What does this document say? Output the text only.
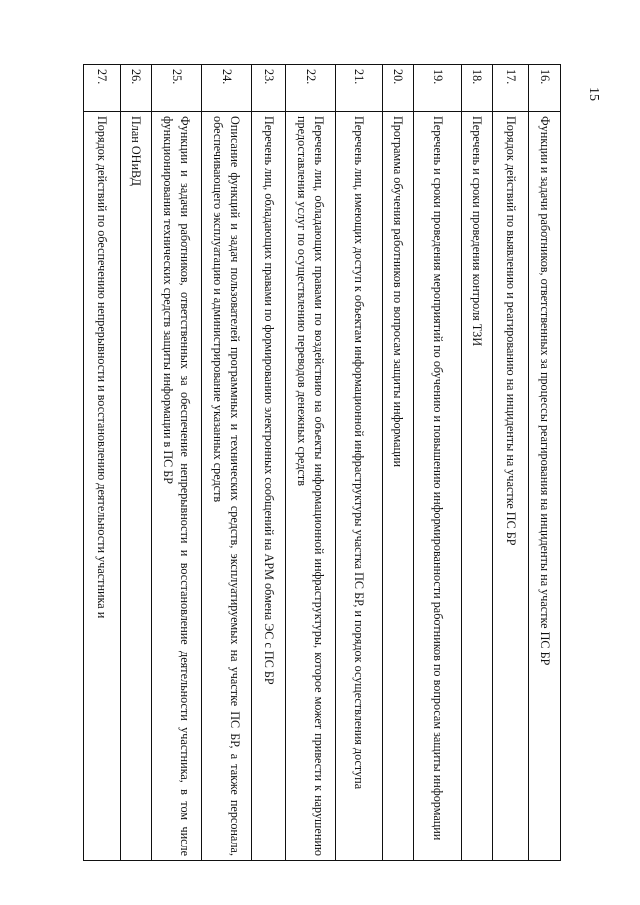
15
16.	Функции и задачи работников, ответственных за процессы реагирования на инциденты на участке ПС БР
17.	Порядок действий по выявлению и реагированию на инциденты на участке ПС БР
18.	Перечень и сроки проведения контроля ТЗИ
19.	Перечень и сроки проведения мероприятий по обучению и повышению информированности работников по вопросам защиты информации
20.	Программа обучения работников по вопросам защиты информации
21.	Перечень лиц, имеющих доступ к объектам информационной инфраструктуры участка ПС БР, и порядок осуществления доступа
22.	Перечень лиц, обладающих правами по воздействию на объекты информационной инфраструктуры, которое может привести к нарушению предоставления услуг по осуществлению переводов денежных средств
23.	Перечень лиц, обладающих правами по формированию электронных сообщений на АРМ обмена ЭС с ПС БР
24.	Описание функций и задач пользователей программных и технических средств, эксплуатируемых на участке ПС БР, а также персонала, обеспечивающего эксплуатацию и администрирование указанных средств
25.	Функции и задачи работников, ответственных за обеспечение непрерывности и восстановление деятельности участника, в том числе функционирования технических средств защиты информации в ПС БР
26.	План ОНиВД
27.	Порядок действий по обеспечению непрерывности и восстановлению деятельности участника и
